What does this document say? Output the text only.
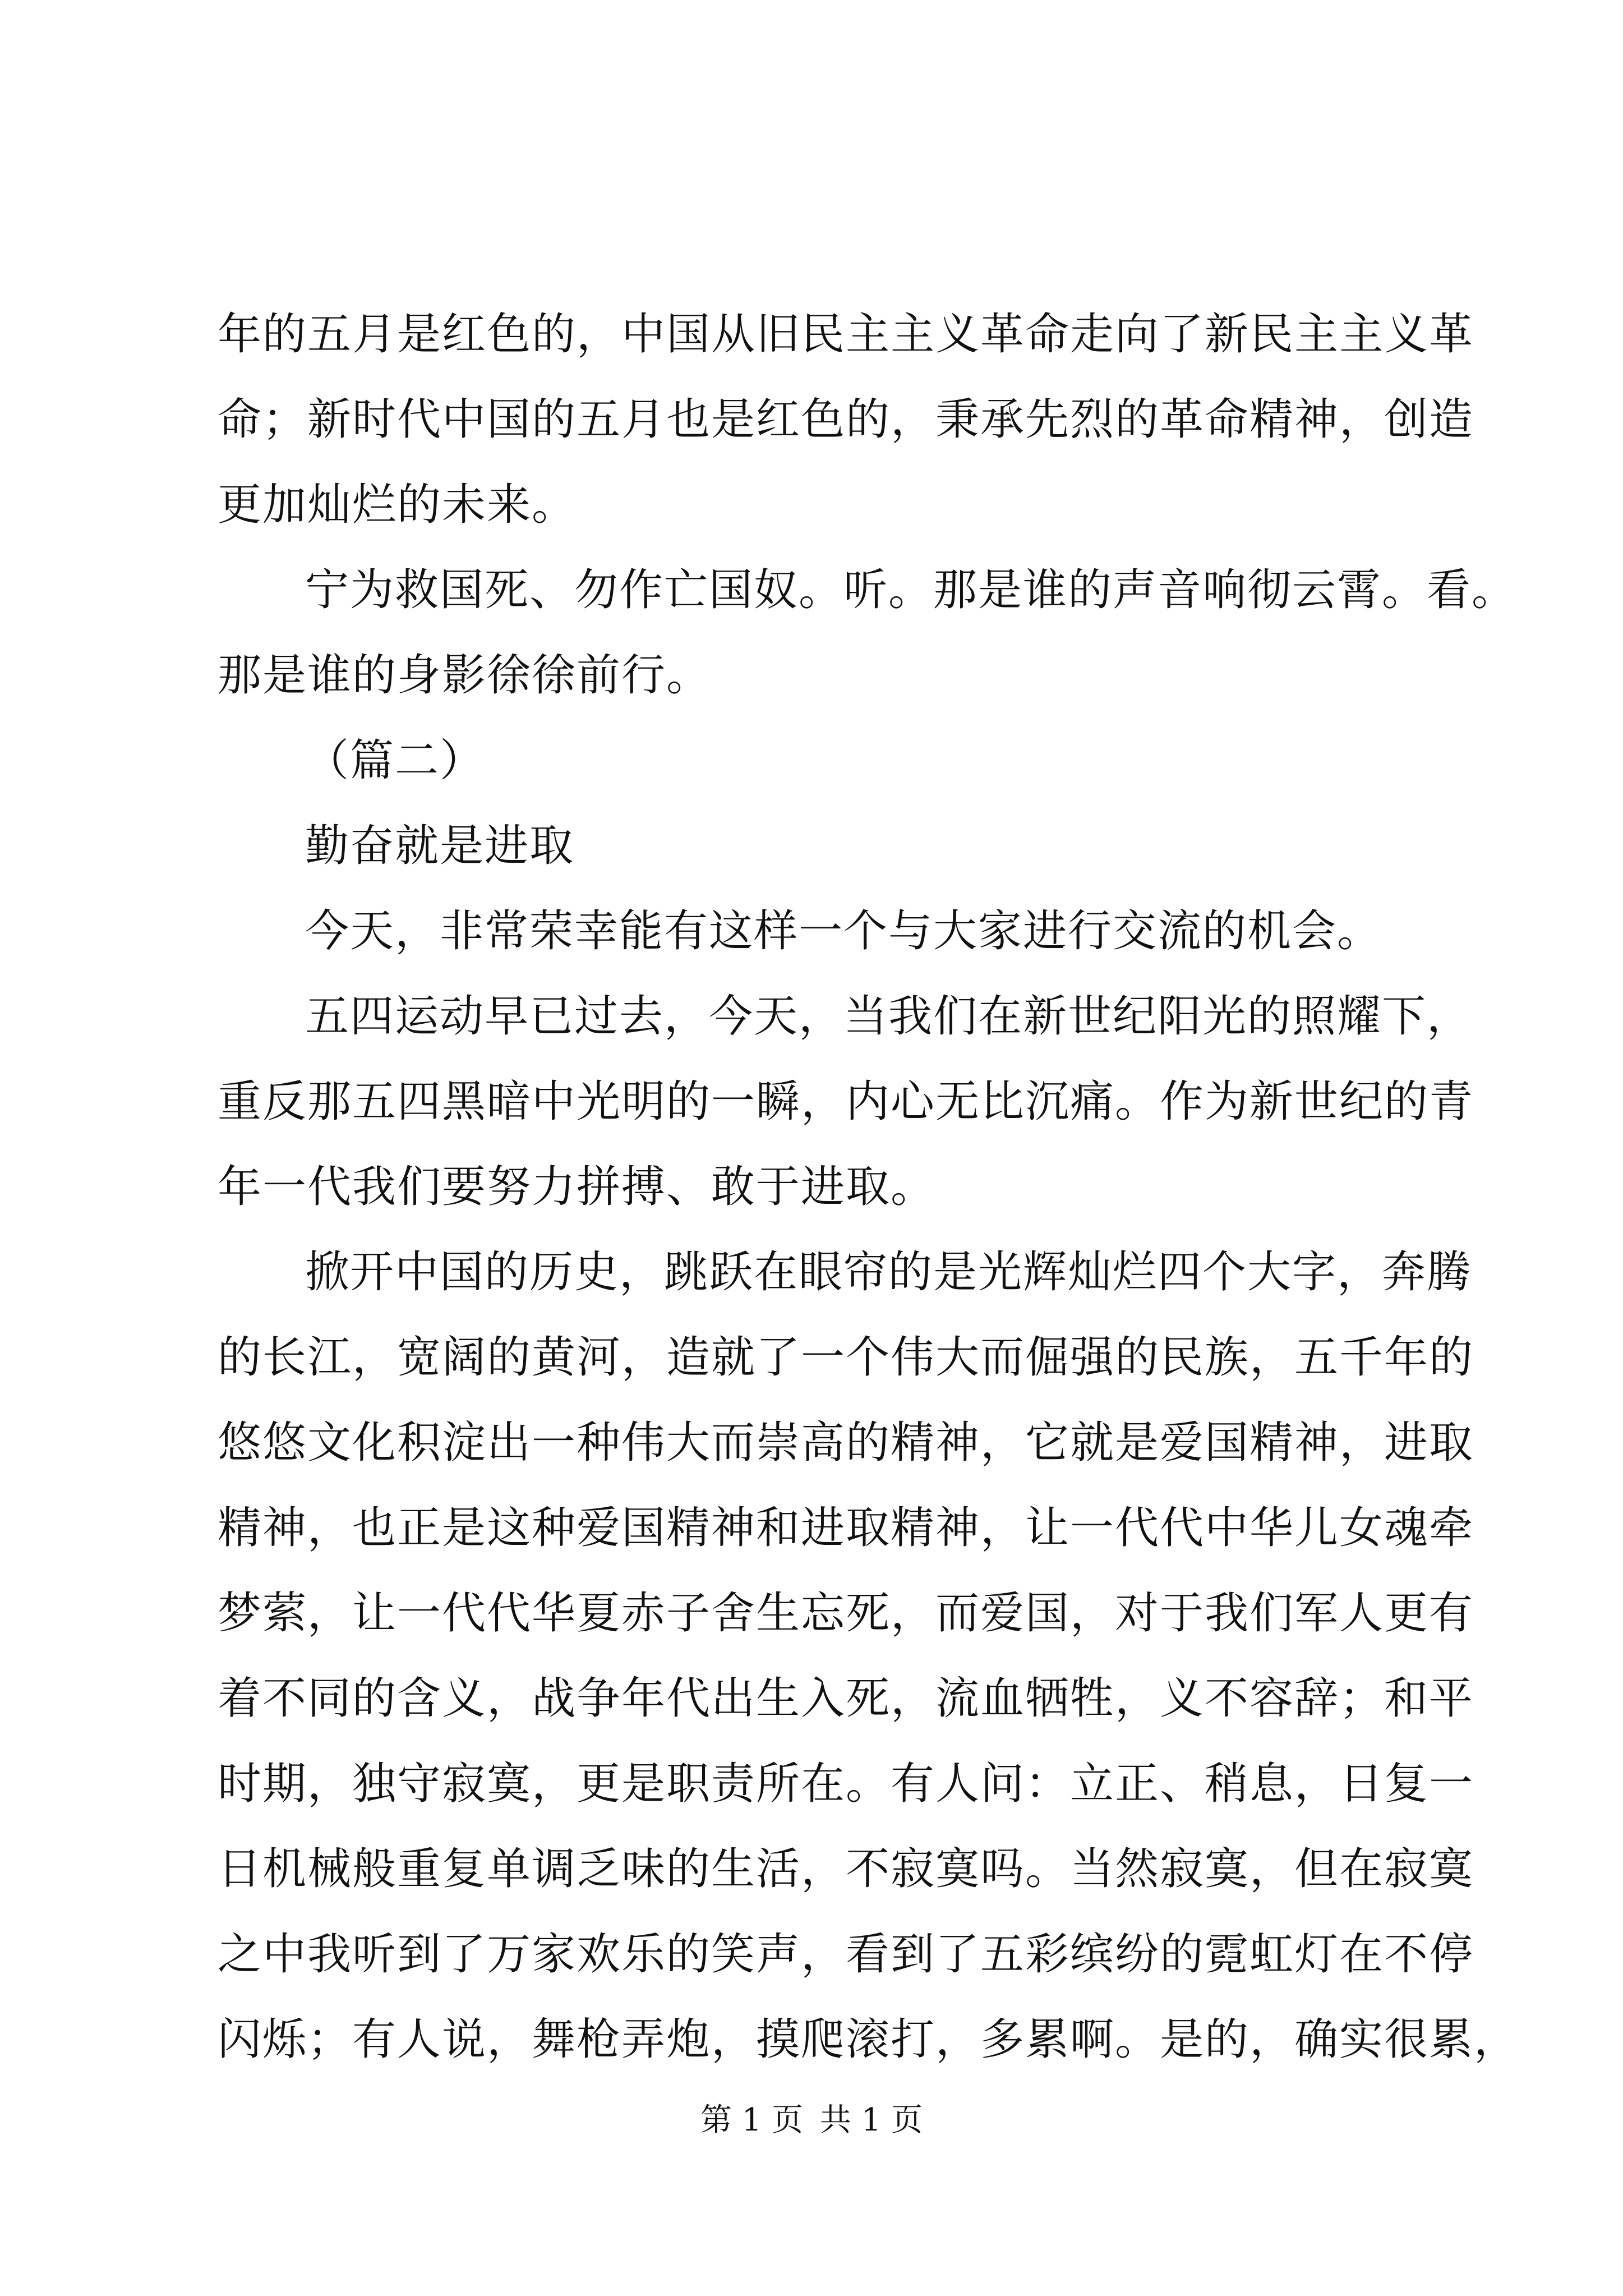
年的五月是红色的，中国从旧民主主义革命走向了新民主主义革
命；新时代中国的五月也是红色的，秉承先烈的革命精神，创造
更加灿烂的未来。
宁为救国死、勿作亡国奴。听。那是谁的声音响彻云霄。看。
那是谁的身影徐徐前行。
（篇二）
勤奋就是进取
今天，非常荣幸能有这样一个与大家进行交流的机会。
五四运动早已过去，今天，当我们在新世纪阳光的照耀下，
重反那五四黑暗中光明的一瞬，内心无比沉痛。作为新世纪的青
年一代我们要努力拼搏、敢于进取。
掀开中国的历史，跳跃在眼帘的是光辉灿烂四个大字，奔腾
的长江，宽阔的黄河，造就了一个伟大而倔强的民族，五千年的
悠悠文化积淀出一种伟大而崇高的精神，它就是爱国精神，进取
精神，也正是这种爱国精神和进取精神，让一代代中华儿女魂牵
梦萦，让一代代华夏赤子舍生忘死，而爱国，对于我们军人更有
着不同的含义，战争年代出生入死，流血牺牲，义不容辞；和平
时期，独守寂寞，更是职责所在。有人问：立正、稍息，日复一
日机械般重复单调乏味的生活，不寂寞吗。当然寂寞，但在寂寞
之中我听到了万家欢乐的笑声，看到了五彩缤纷的霓虹灯在不停
闪烁；有人说，舞枪弄炮，摸爬滚打，多累啊。是的，确实很累，
第 1 页 共 1 页
